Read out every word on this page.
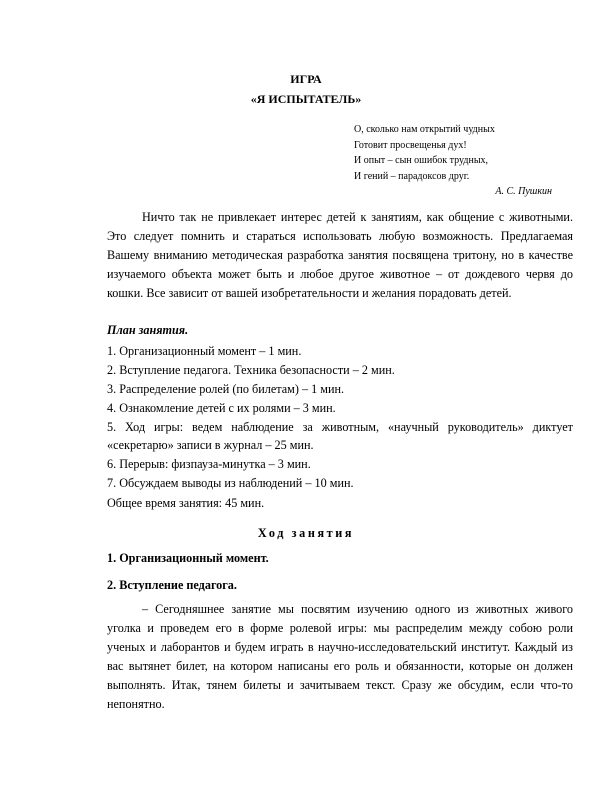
ИГРА
«Я ИСПЫТАТЕЛЬ»
О, сколько нам открытий чудных
Готовит просвещенья дух!
И опыт – сын ошибок трудных,
И гений – парадоксов друг.
А. С. Пушкин
Ничто так не привлекает интерес детей к занятиям, как общение с животными. Это следует помнить и стараться использовать любую возможность. Предлагаемая Вашему вниманию методическая разработка занятия посвящена тритону, но в качестве изучаемого объекта может быть и любое другое животное – от дождевого червя до кошки. Все зависит от вашей изобретательности и желания порадовать детей.
План занятия.
1. Организационный момент – 1 мин.
2. Вступление педагога. Техника безопасности – 2 мин.
3. Распределение ролей (по билетам) – 1 мин.
4. Ознакомление детей с их ролями – 3 мин.
5. Ход игры: ведем наблюдение за животным, «научный руководитель» диктует «секретарю» записи в журнал – 25 мин.
6. Перерыв: физпауза-минутка – 3 мин.
7. Обсуждаем выводы из наблюдений – 10 мин.
Общее время занятия: 45 мин.
Ход занятия
1. Организационный момент.
2. Вступление педагога.
– Сегодняшнее занятие мы посвятим изучению одного из животных живого уголка и проведем его в форме ролевой игры: мы распределим между собою роли ученых и лаборантов и будем играть в научно-исследовательский институт. Каждый из вас вытянет билет, на котором написаны его роль и обязанности, которые он должен выполнять. Итак, тянем билеты и зачитываем текст. Сразу же обсудим, если что-то непонятно.
